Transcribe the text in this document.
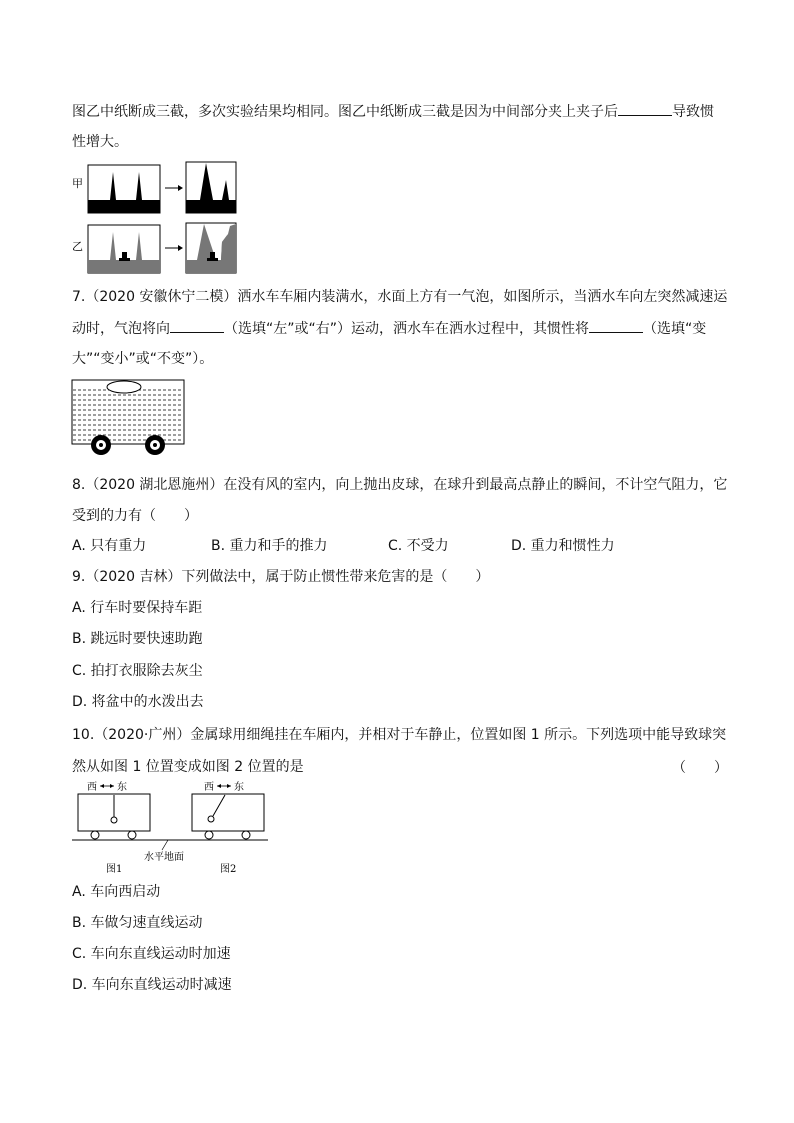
图乙中纸断成三截，多次实验结果均相同。图乙中纸断成三截是因为中间部分夹上夹子后	导致惯
性增大。
甲
乙
7.（2020 安徽休宁二模）洒水车车厢内装满水，水面上方有一气泡，如图所示，当洒水车向左突然减速运
动时，气泡将向	（选填“左”或“右”）运动，洒水车在洒水过程中，其惯性将	（选填“变
大”“变小”或“不变”）。
8.（2020 湖北恩施州）在没有风的室内，向上抛出皮球，在球升到最高点静止的瞬间，不计空气阻力，它
受到的力有（　　）
A. 只有重力	B. 重力和手的推力	C. 不受力	D. 重力和惯性力
9.（2020 吉林）下列做法中，属于防止惯性带来危害的是（　　）
A. 行车时要保持车距
B. 跳远时要快速助跑
C. 拍打衣服除去灰尘
D. 将盆中的水泼出去
10.（2020·广州）金属球用细绳挂在车厢内，并相对于车静止，位置如图 1 所示。下列选项中能导致球突
然从如图 1 位置变成如图 2 位置的是	（　　）
西 东	西 东
水平地面
图1	图2
A. 车向西启动
B. 车做匀速直线运动
C. 车向东直线运动时加速
D. 车向东直线运动时减速
